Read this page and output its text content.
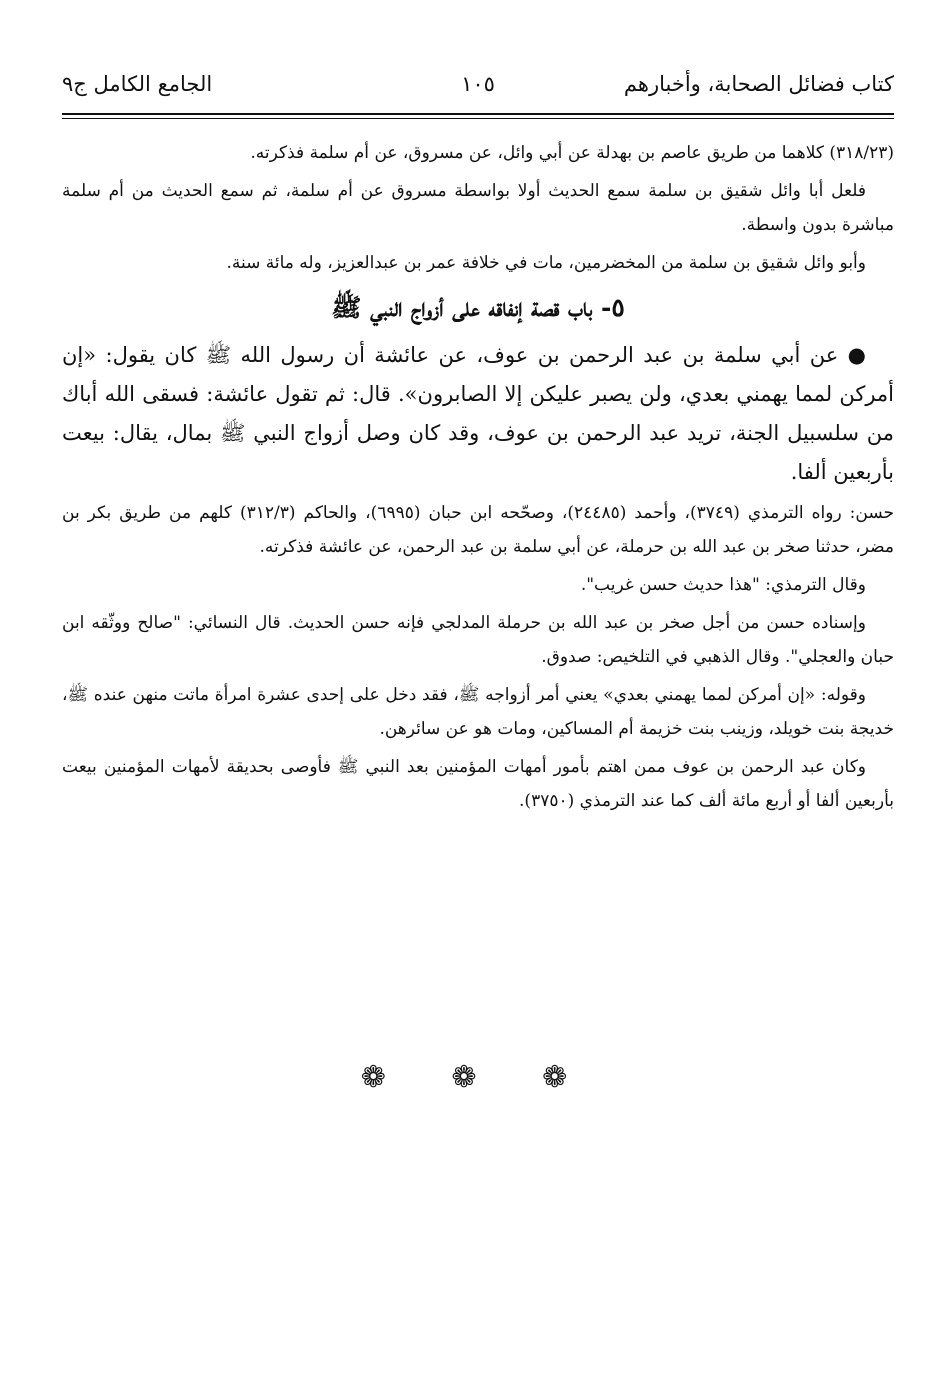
كتاب فضائل الصحابة، وأخبارهم
١٠٥
الجامع الكامل ج٩

(٣١٨/٢٣) كلاهما من طريق عاصم بن بهدلة عن أبي وائل، عن مسروق، عن أم سلمة فذكرته.

فلعل أبا وائل شقيق بن سلمة سمع الحديث أولا بواسطة مسروق عن أم سلمة، ثم سمع الحديث من أم سلمة مباشرة بدون واسطة.

وأبو وائل شقيق بن سلمة من المخضرمين، مات في خلافة عمر بن عبدالعزيز، وله مائة سنة.

٥- باب قصة إنفاقه على أزواج النبي ﷺ

● عن أبي سلمة بن عبد الرحمن بن عوف، عن عائشة أن رسول الله ﷺ كان يقول: «إن أمركن لمما يهمني بعدي، ولن يصبر عليكن إلا الصابرون». قال: ثم تقول عائشة: فسقى الله أباك من سلسبيل الجنة، تريد عبد الرحمن بن عوف، وقد كان وصل أزواج النبي ﷺ بمال، يقال: بيعت بأربعين ألفا.

حسن: رواه الترمذي (٣٧٤٩)، وأحمد (٢٤٤٨٥)، وصحّحه ابن حبان (٦٩٩٥)، والحاكم (٣١٢/٣) كلهم من طريق بكر بن مضر، حدثنا صخر بن عبد الله بن حرملة، عن أبي سلمة بن عبد الرحمن، عن عائشة فذكرته.

وقال الترمذي: "هذا حديث حسن غريب".

وإسناده حسن من أجل صخر بن عبد الله بن حرملة المدلجي فإنه حسن الحديث. قال النسائي: "صالح ووثّقه ابن حبان والعجلي". وقال الذهبي في التلخيص: صدوق.

وقوله: «إن أمركن لمما يهمني بعدي» يعني أمر أزواجه ﷺ، فقد دخل على إحدى عشرة امرأة ماتت منهن عنده ﷺ، خديجة بنت خويلد، وزينب بنت خزيمة أم المساكين، ومات هو عن سائرهن.

وكان عبد الرحمن بن عوف ممن اهتم بأمور أمهات المؤمنين بعد النبي ﷺ فأوصى بحديقة لأمهات المؤمنين بيعت بأربعين ألفا أو أربع مائة ألف كما عند الترمذي (٣٧٥٠).

❁ ❁ ❁
